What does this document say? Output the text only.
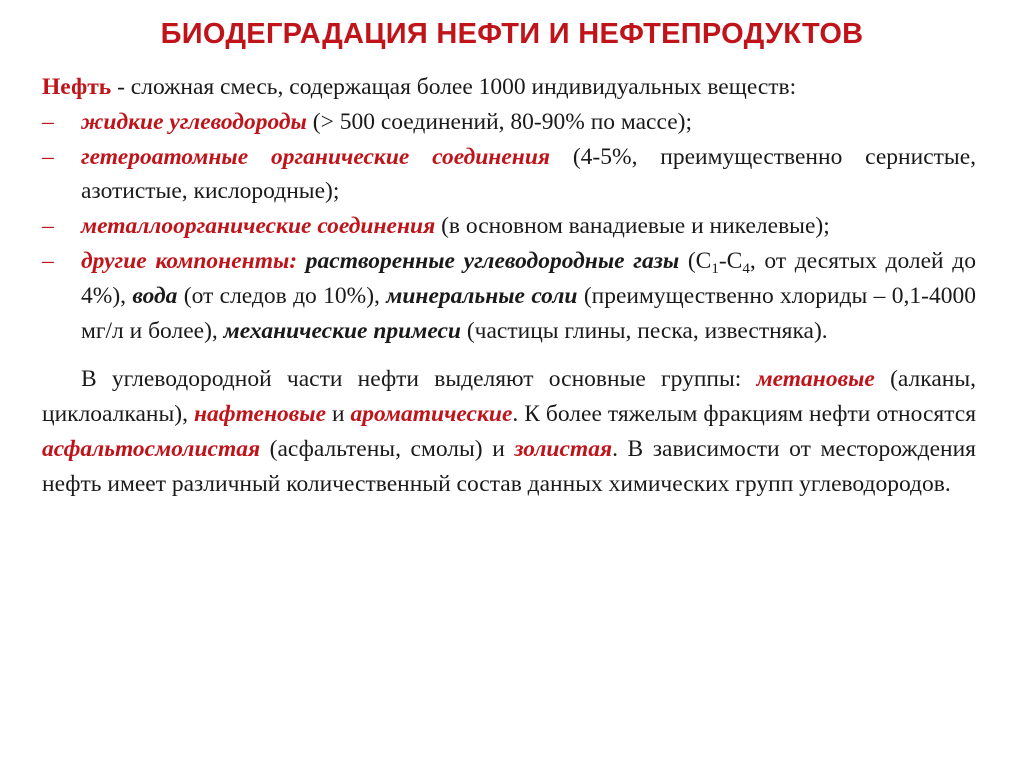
БИОДЕГРАДАЦИЯ НЕФТИ И НЕФТЕПРОДУКТОВ

Нефть - сложная смесь, содержащая более 1000 индивидуальных веществ:

– жидкие углеводороды (> 500 соединений, 80-90% по массе);

– гетероатомные органические соединения (4-5%, преимущественно сернистые, азотистые, кислородные);

– металлоорганические соединения (в основном ванадиевые и никелевые);

– другие компоненты: растворенные углеводородные газы ($С_1-С_4$, от десятых долей до 4%), вода (от следов до 10%), минеральные соли (преимущественно хлориды – 0,1-4000 мг/л и более), механические примеси (частицы глины, песка, известняка).

В углеводородной части нефти выделяют основные группы: метановые (алканы, циклоалканы), нафтеновые и ароматические. К более тяжелым фракциям нефти относятся асфальтосмолистая (асфальтены, смолы) и золистая. В зависимости от месторождения нефть имеет различный количественный состав данных химических групп углеводородов.
